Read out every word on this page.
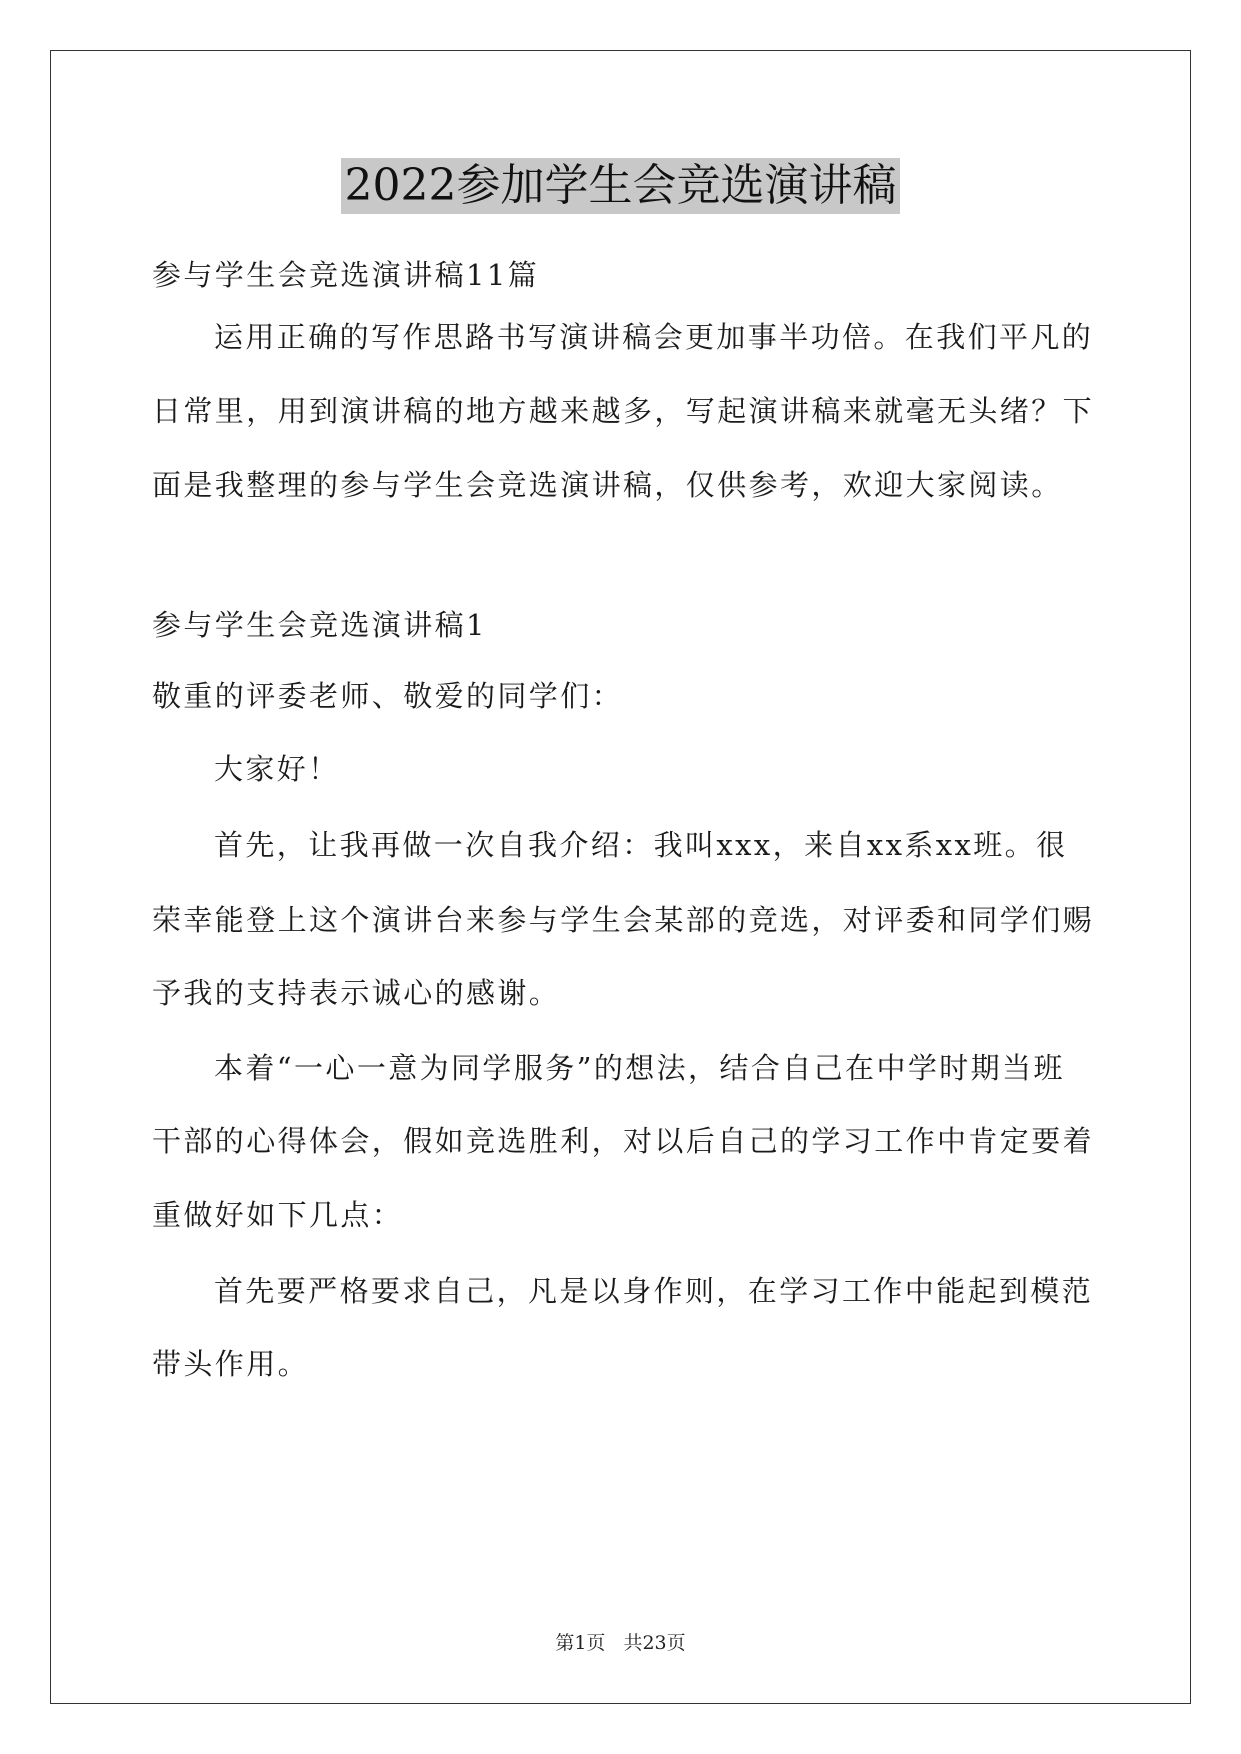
2022参加学生会竞选演讲稿
参与学生会竞选演讲稿11篇
运用正确的写作思路书写演讲稿会更加事半功倍。在我们平凡的
日常里，用到演讲稿的地方越来越多，写起演讲稿来就毫无头绪？下
面是我整理的参与学生会竞选演讲稿，仅供参考，欢迎大家阅读。
参与学生会竞选演讲稿1
敬重的评委老师、敬爱的同学们：
大家好！
首先，让我再做一次自我介绍：我叫xxx，来自xx系xx班。很
荣幸能登上这个演讲台来参与学生会某部的竞选，对评委和同学们赐
予我的支持表示诚心的感谢。
本着“一心一意为同学服务”的想法，结合自己在中学时期当班
干部的心得体会，假如竞选胜利，对以后自己的学习工作中肯定要着
重做好如下几点：
首先要严格要求自己，凡是以身作则，在学习工作中能起到模范
带头作用。
第1页 共23页
